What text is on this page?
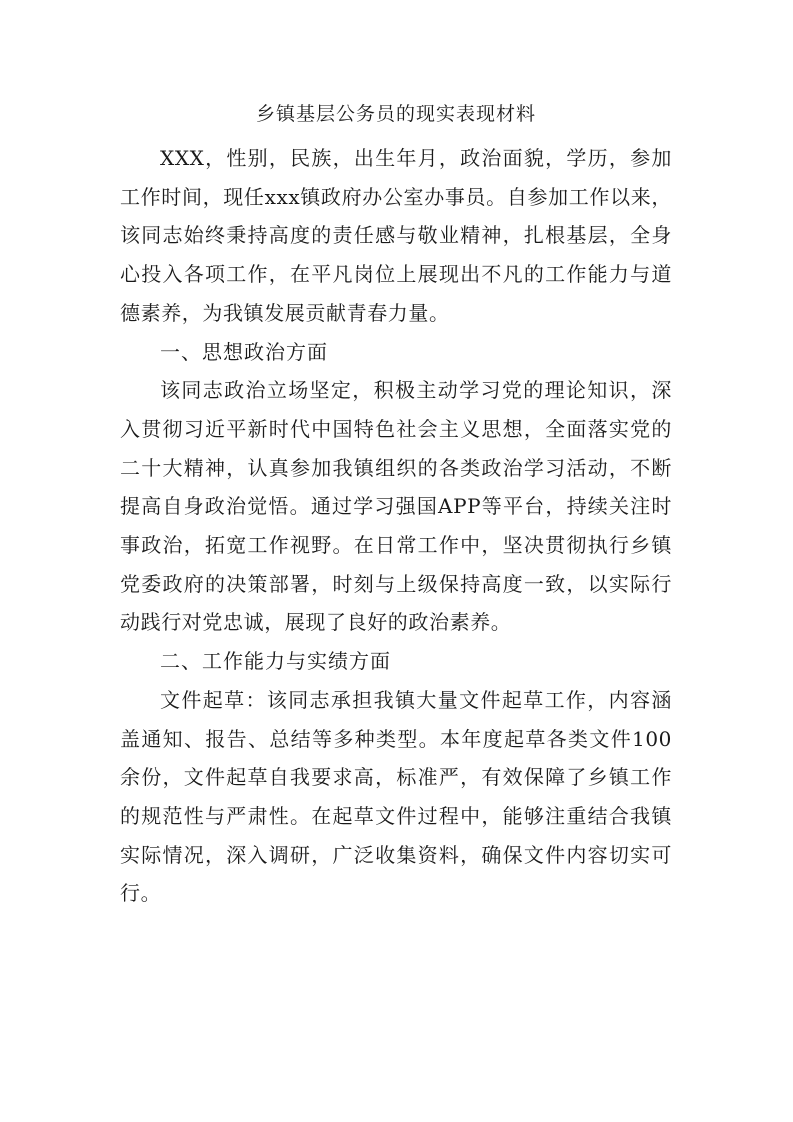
乡镇基层公务员的现实表现材料

XXX，性别，民族，出生年月，政治面貌，学历，参加工作时间，现任xxx镇政府办公室办事员。自参加工作以来，该同志始终秉持高度的责任感与敬业精神，扎根基层，全身心投入各项工作，在平凡岗位上展现出不凡的工作能力与道德素养，为我镇发展贡献青春力量。

一、思想政治方面

该同志政治立场坚定，积极主动学习党的理论知识，深入贯彻习近平新时代中国特色社会主义思想，全面落实党的二十大精神，认真参加我镇组织的各类政治学习活动，不断提高自身政治觉悟。通过学习强国APP等平台，持续关注时事政治，拓宽工作视野。在日常工作中，坚决贯彻执行乡镇党委政府的决策部署，时刻与上级保持高度一致，以实际行动践行对党忠诚，展现了良好的政治素养。

二、工作能力与实绩方面

文件起草：该同志承担我镇大量文件起草工作，内容涵盖通知、报告、总结等多种类型。本年度起草各类文件100余份，文件起草自我要求高，标准严，有效保障了乡镇工作的规范性与严肃性。在起草文件过程中，能够注重结合我镇实际情况，深入调研，广泛收集资料，确保文件内容切实可行。
